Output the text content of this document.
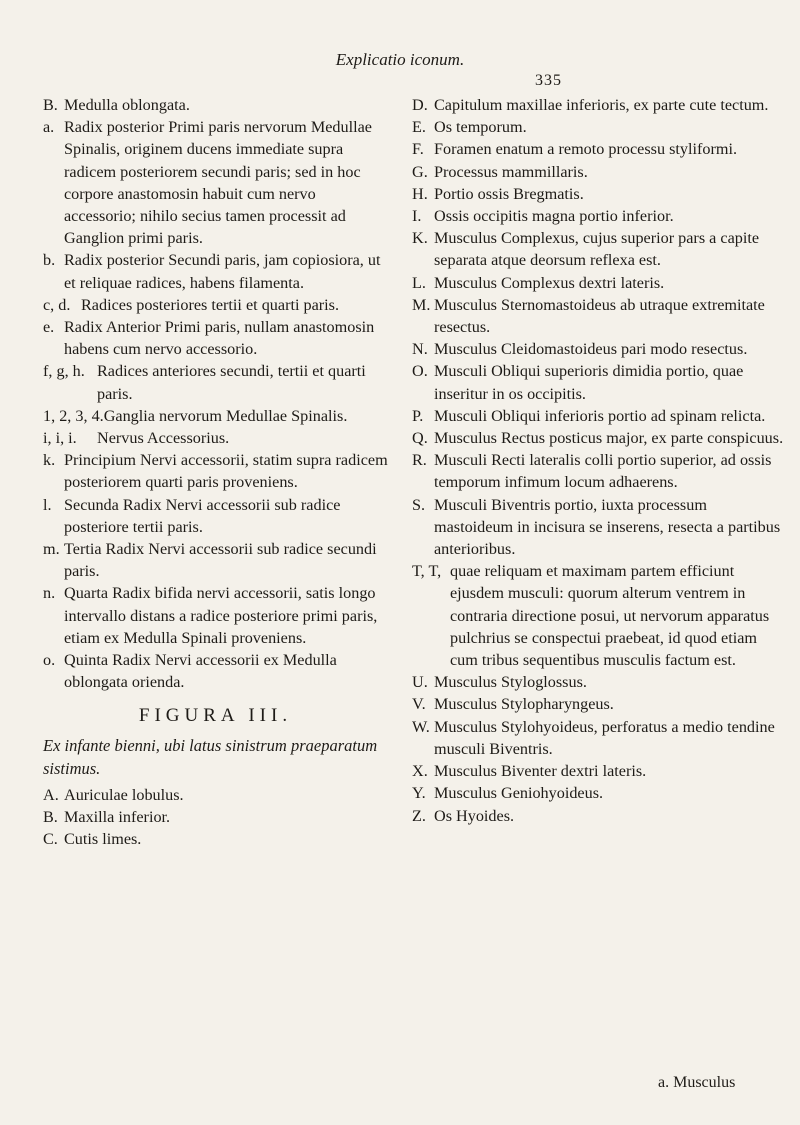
Explicatio iconum.
335
B. Medulla oblongata.
a. Radix posterior Primi paris nervorum Medullae Spinalis, originem ducens immediate supra radicem posteriorem secundi paris; sed in hoc corpore anastomosin habuit cum nervo accessorio; nihilo secius tamen processit ad Ganglion primi paris.
b. Radix posterior Secundi paris, jam copiosiora, ut et reliquae radices, habens filamenta.
c, d. Radices posteriores tertii et quarti paris.
e. Radix Anterior Primi paris, nullam anastomosin habens cum nervo accessorio.
f, g, h. Radices anteriores secundi, tertii et quarti paris.
1, 2, 3, 4. Ganglia nervorum Medullae Spinalis.
i, i, i.	Nervus Accessorius.
k. Principium Nervi accessorii, statim supra radicem posteriorem quarti paris proveniens.
l. Secunda Radix Nervi accessorii sub radice posteriore tertii paris.
m. Tertia Radix Nervi accessorii sub radice secundi paris.
n. Quarta Radix bifida nervi accessorii, satis longo intervallo distans a radice posteriore primi paris, etiam ex Medulla Spinali proveniens.
o. Quinta Radix Nervi accessorii ex Medulla oblongata orienda.
FIGURA III.
Ex infante bienni, ubi latus sinistrum praeparatum sistimus.
A. Auriculae lobulus.
B. Maxilla inferior.
C. Cutis limes.
D. Capitulum maxillae inferioris, ex parte cute tectum.
E. Os temporum.
F. Foramen enatum a remoto processu styliformi.
G. Processus mammillaris.
H. Portio ossis Bregmatis.
I. Ossis occipitis magna portio inferior.
K. Musculus Complexus, cujus superior pars a capite separata atque deorsum reflexa est.
L. Musculus Complexus dextri lateris.
M. Musculus Sternomastoideus ab utraque extremitate resectus.
N. Musculus Cleidomastoideus pari modo resectus.
O. Musculi Obliqui superioris dimidia portio, quae inseritur in os occipitis.
P. Musculi Obliqui inferioris portio ad spinam relicta.
Q. Musculus Rectus posticus major, ex parte conspicuus.
R. Musculi Recti lateralis colli portio superior, ad ossis temporum infimum locum adhaerens.
S. Musculi Biventris portio, iuxta processum mastoideum in incisura se inserens, resecta a partibus anterioribus.
T, T, quae reliquam et maximam partem efficiunt ejusdem musculi: quorum alterum ventrem in contraria directione posui, ut nervorum apparatus pulchrius se conspectui praebeat, id quod etiam cum tribus sequentibus musculis factum est.
U. Musculus Styloglossus.
V. Musculus Stylopharyngeus.
W. Musculus Stylohyoideus, perforatus a medio tendine musculi Biventris.
X. Musculus Biventer dextri lateris.
Y. Musculus Geniohyoideus.
Z. Os Hyoides.
a. Musculus
